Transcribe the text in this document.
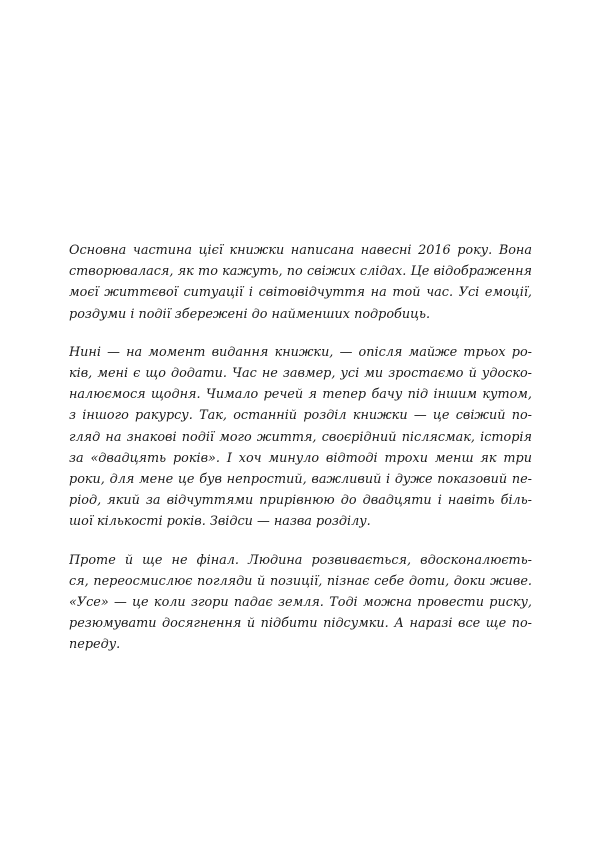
Основна частина цієї книжки написана навесні 2016 року. Вона
створювалася, як то кажуть, по свіжих слідах. Це відображення
моєї життєвої ситуації і світовідчуття на той час. Усі емоції,
роздуми і події збережені до найменших подробиць.
Нині — на момент видання книжки, — опісля майже трьох ро-
ків, мені є що додати. Час не завмер, усі ми зростаємо й удоско-
налюємося щодня. Чимало речей я тепер бачу під іншим кутом,
з іншого ракурсу. Так, останній розділ книжки — це свіжий по-
гляд на знакові події мого життя, своєрідний післясмак, історія
за «двадцять років». І хоч минуло відтоді трохи менш як три
роки, для мене це був непростий, важливий і дуже показовий пе-
ріод, який за відчуттями прирівнюю до двадцяти і навіть біль-
шої кількості років. Звідси — назва розділу.
Проте й ще не фінал. Людина розвивається, вдосконалюєть-
ся, переосмислює погляди й позиції, пізнає себе доти, доки живе.
«Усе» — це коли згори падає земля. Тоді можна провести риску,
резюмувати досягнення й підбити підсумки. А наразі все ще по-
переду.
